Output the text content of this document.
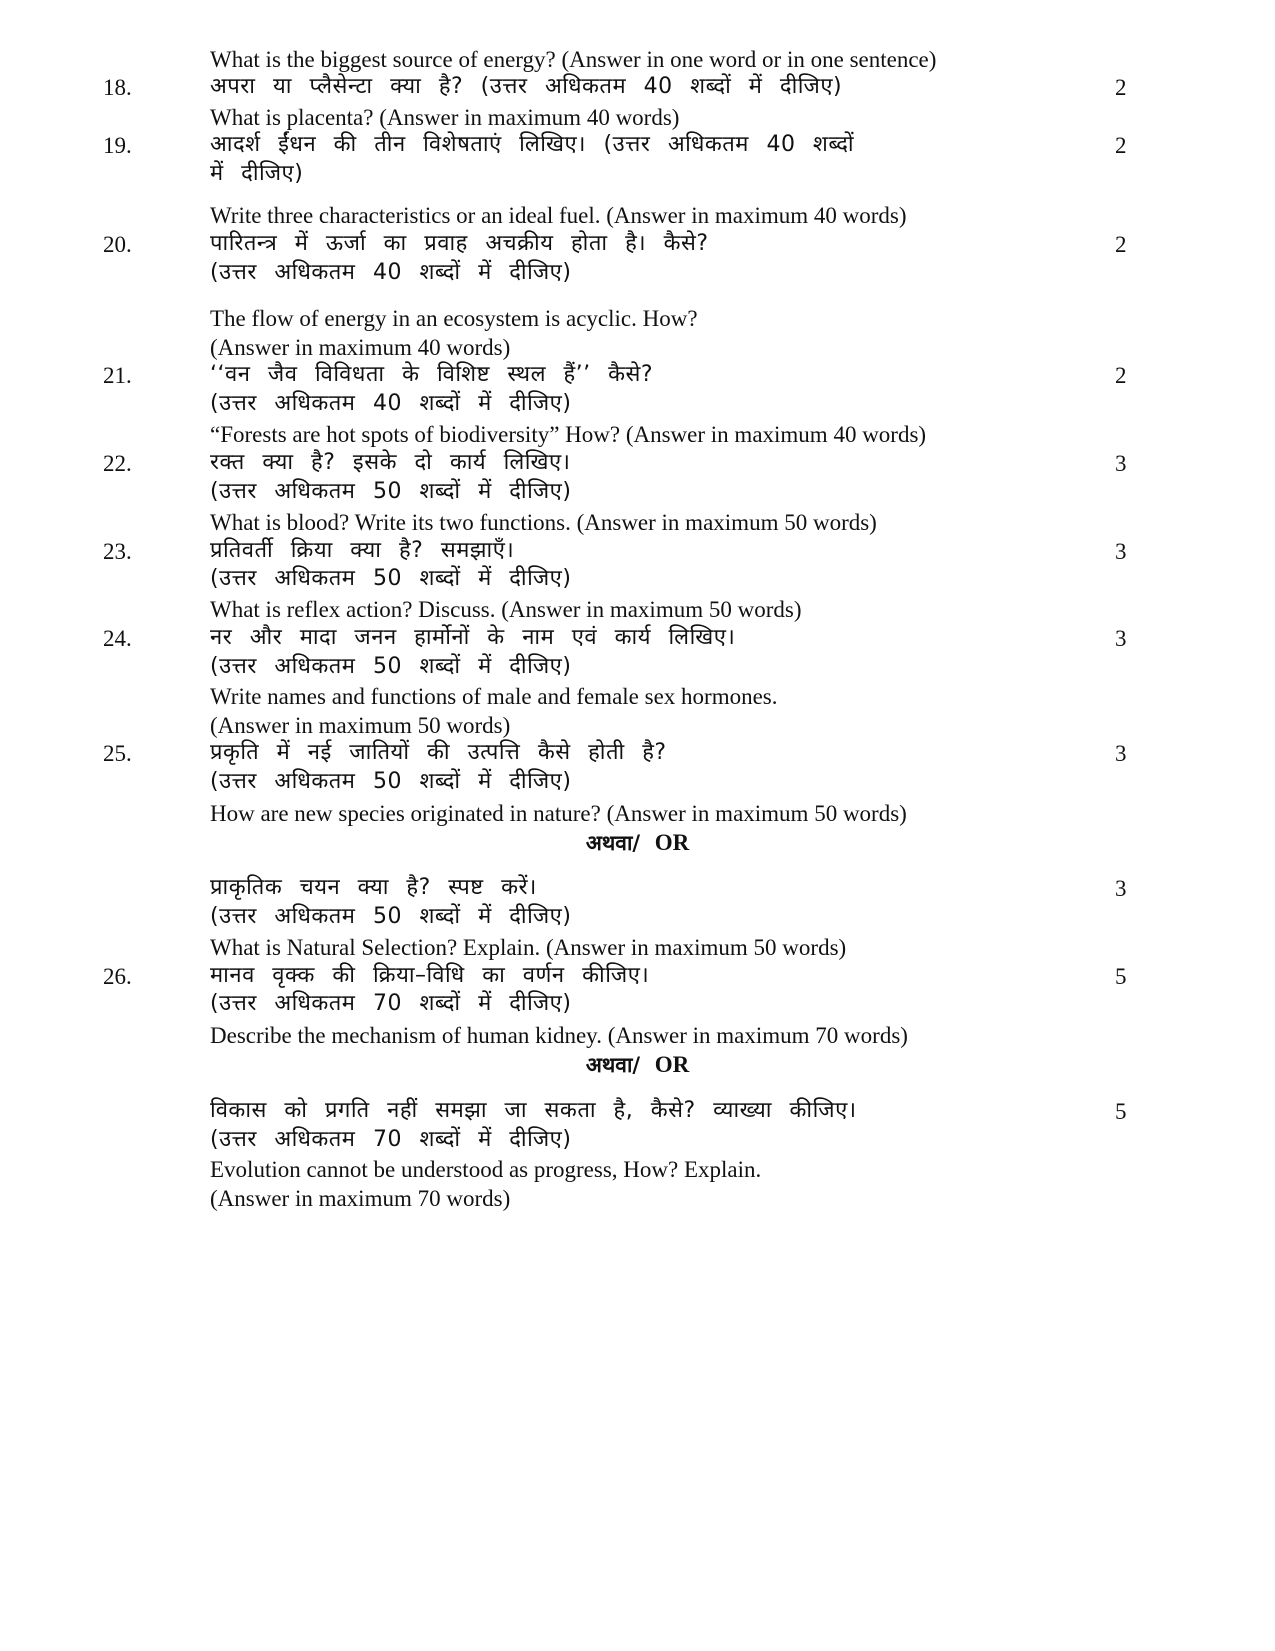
What is the biggest source of energy? (Answer in one word or in one sentence)
18.	अपरा या प्लैसेन्टा क्या है? (उत्तर अधिकतम 40 शब्दों में दीजिए)	2
What is placenta? (Answer in maximum 40 words)
19.	आदर्श ईंधन की तीन विशेषताएं लिखिए। (उत्तर अधिकतम 40 शब्दों	2
में दीजिए)
Write three characteristics or an ideal fuel. (Answer in maximum 40 words)
20.	पारितन्त्र में ऊर्जा का प्रवाह अचक्रीय होता है। कैसे?	2
(उत्तर अधिकतम 40 शब्दों में दीजिए)
The flow of energy in an ecosystem is acyclic. How?
(Answer in maximum 40 words)
21.	‘‘वन जैव विविधता के विशिष्ट स्थल हैं’’ कैसे?	2
(उत्तर अधिकतम 40 शब्दों में दीजिए)
“Forests are hot spots of biodiversity” How? (Answer in maximum 40 words)
22.	रक्त क्या है? इसके दो कार्य लिखिए।	3
(उत्तर अधिकतम 50 शब्दों में दीजिए)
What is blood? Write its two functions. (Answer in maximum 50 words)
23.	प्रतिवर्ती क्रिया क्या है? समझाएँ।	3
(उत्तर अधिकतम 50 शब्दों में दीजिए)
What is reflex action? Discuss. (Answer in maximum 50 words)
24.	नर और मादा जनन हार्मोनों के नाम एवं कार्य लिखिए।	3
(उत्तर अधिकतम 50 शब्दों में दीजिए)
Write names and functions of male and female sex hormones.
(Answer in maximum 50 words)
25.	प्रकृति में नई जातियों की उत्पत्ति कैसे होती है?	3
(उत्तर अधिकतम 50 शब्दों में दीजिए)
How are new species originated in nature? (Answer in maximum 50 words)
अथवा/ OR
प्राकृतिक चयन क्या है? स्पष्ट करें।	3
(उत्तर अधिकतम 50 शब्दों में दीजिए)
What is Natural Selection? Explain. (Answer in maximum 50 words)
26.	मानव वृक्क की क्रिया–विधि का वर्णन कीजिए।	5
(उत्तर अधिकतम 70 शब्दों में दीजिए)
Describe the mechanism of human kidney. (Answer in maximum 70 words)
अथवा/ OR
विकास को प्रगति नहीं समझा जा सकता है, कैसे? व्याख्या कीजिए।	5
(उत्तर अधिकतम 70 शब्दों में दीजिए)
Evolution cannot be understood as progress, How? Explain.
(Answer in maximum 70 words)
